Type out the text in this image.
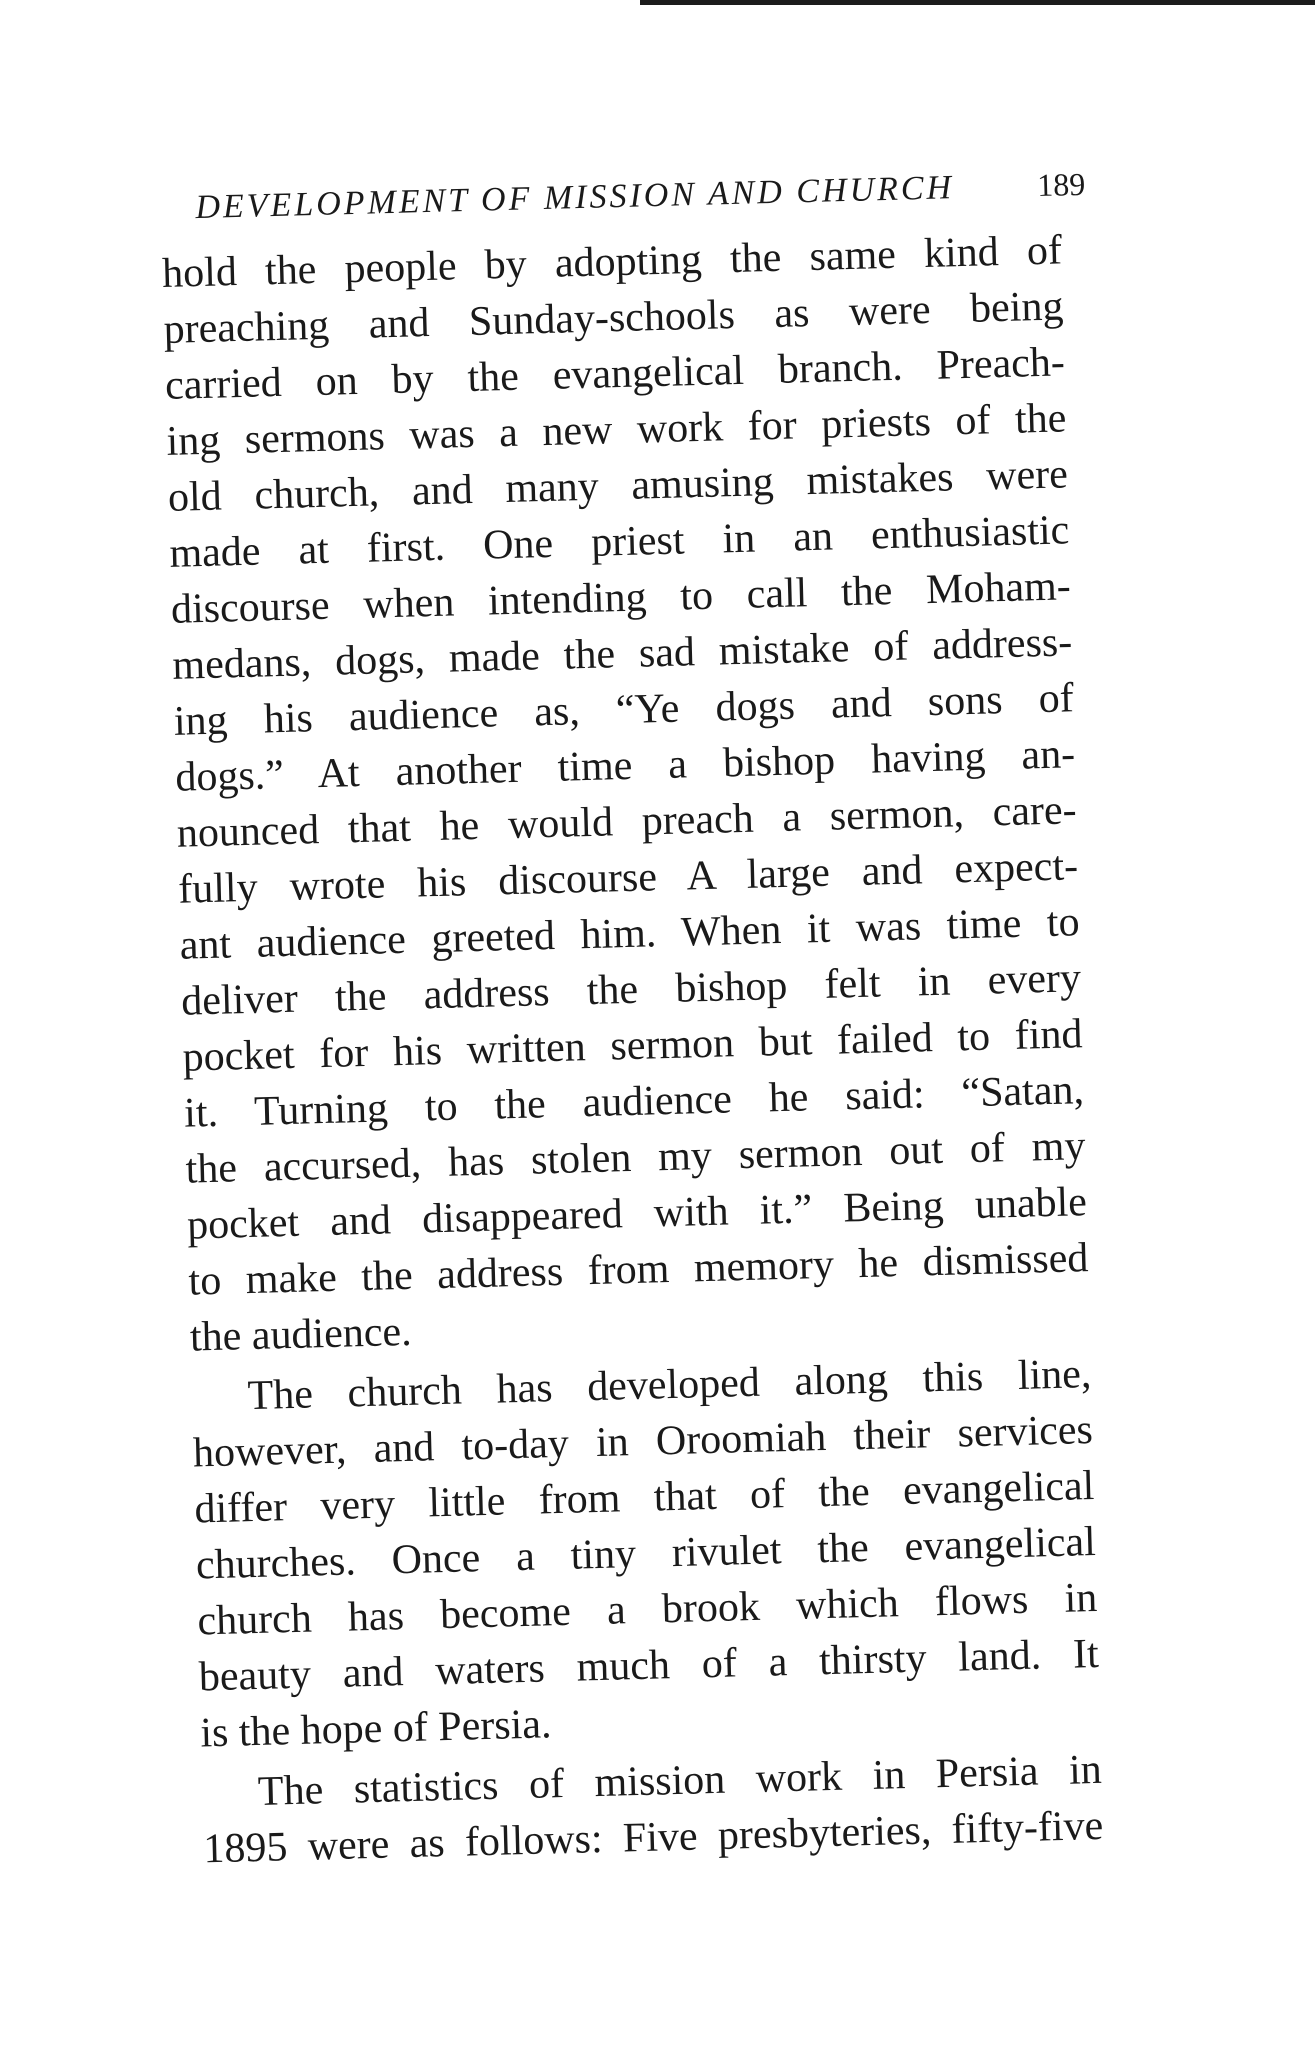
DEVELOPMENT OF MISSION AND CHURCH	189
hold the people by adopting the same kind of
preaching and Sunday-schools as were being
carried on by the evangelical branch. Preach-
ing sermons was a new work for priests of the
old church, and many amusing mistakes were
made at first. One priest in an enthusiastic
discourse when intending to call the Moham-
medans, dogs, made the sad mistake of address-
ing his audience as, “Ye dogs and sons of
dogs.” At another time a bishop having an-
nounced that he would preach a sermon, care-
fully wrote his discourse A large and expect-
ant audience greeted him. When it was time to
deliver the address the bishop felt in every
pocket for his written sermon but failed to find
it. Turning to the audience he said: “Satan,
the accursed, has stolen my sermon out of my
pocket and disappeared with it.” Being unable
to make the address from memory he dismissed
the audience.
The church has developed along this line,
however, and to-day in Oroomiah their services
differ very little from that of the evangelical
churches. Once a tiny rivulet the evangelical
church has become a brook which flows in
beauty and waters much of a thirsty land. It
is the hope of Persia.
The statistics of mission work in Persia in
1895 were as follows: Five presbyteries, fifty-five
